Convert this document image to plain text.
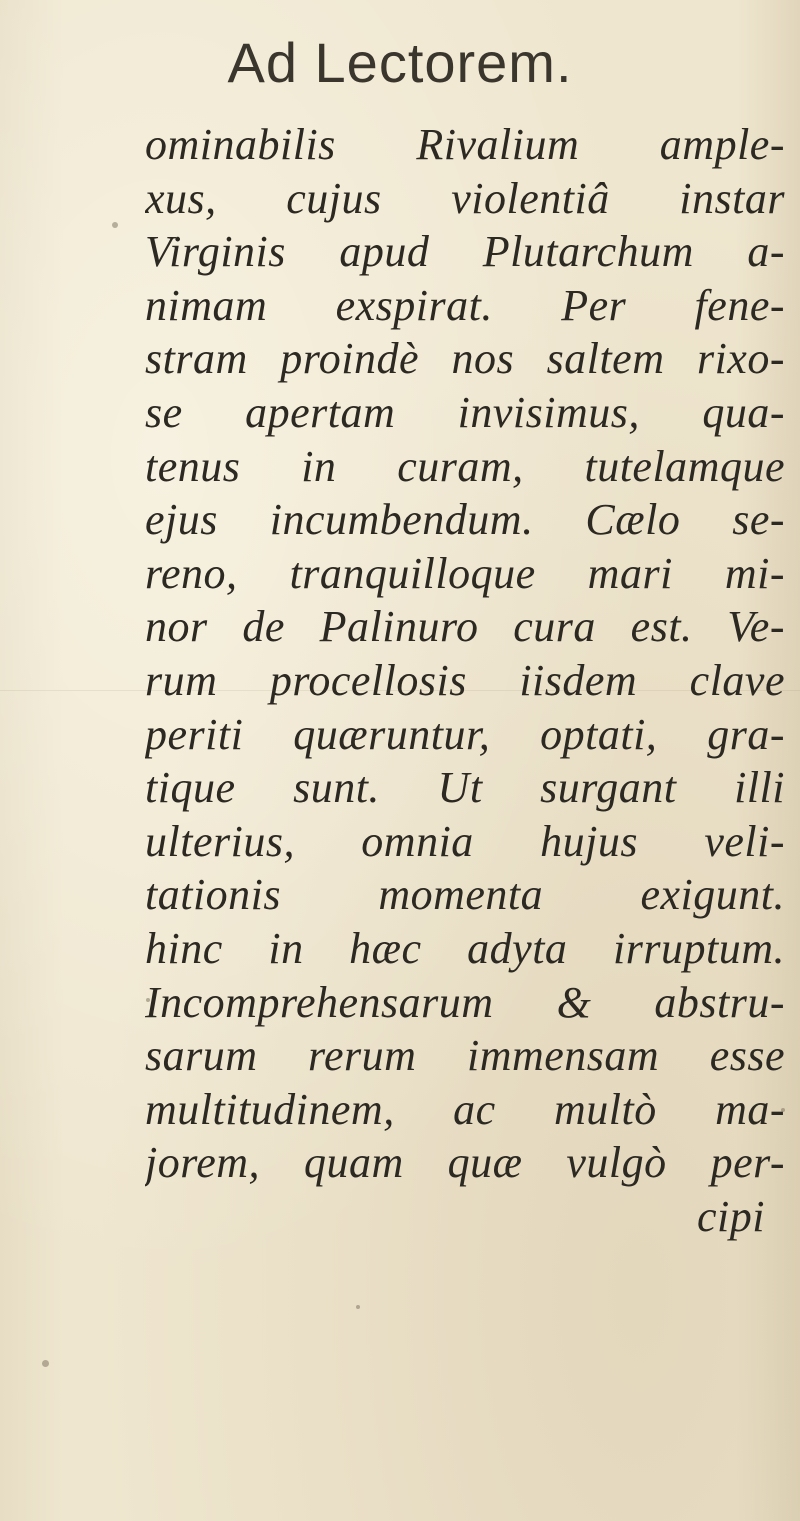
Ad Lectorem.
ominabilis Rivalium ample-
xus, cujus violentiâ instar
Virginis apud Plutarchum a-
nimam exspirat. Per fene-
stram proindè nos saltem rixo-
se apertam invisimus, qua-
tenus in curam, tutelamque
ejus incumbendum. Cælo se-
reno, tranquilloque mari mi-
nor de Palinuro cura est. Ve-
rum procellosis iisdem clave
periti quæruntur, optati, gra-
tique sunt. Ut surgant illi
ulterius, omnia hujus veli-
tationis momenta exigunt.
hinc in hæc adyta irruptum.
Incomprehensarum & abstru-
sarum rerum immensam esse
multitudinem, ac multò ma-
jorem, quam quæ vulgò per-
cipi
